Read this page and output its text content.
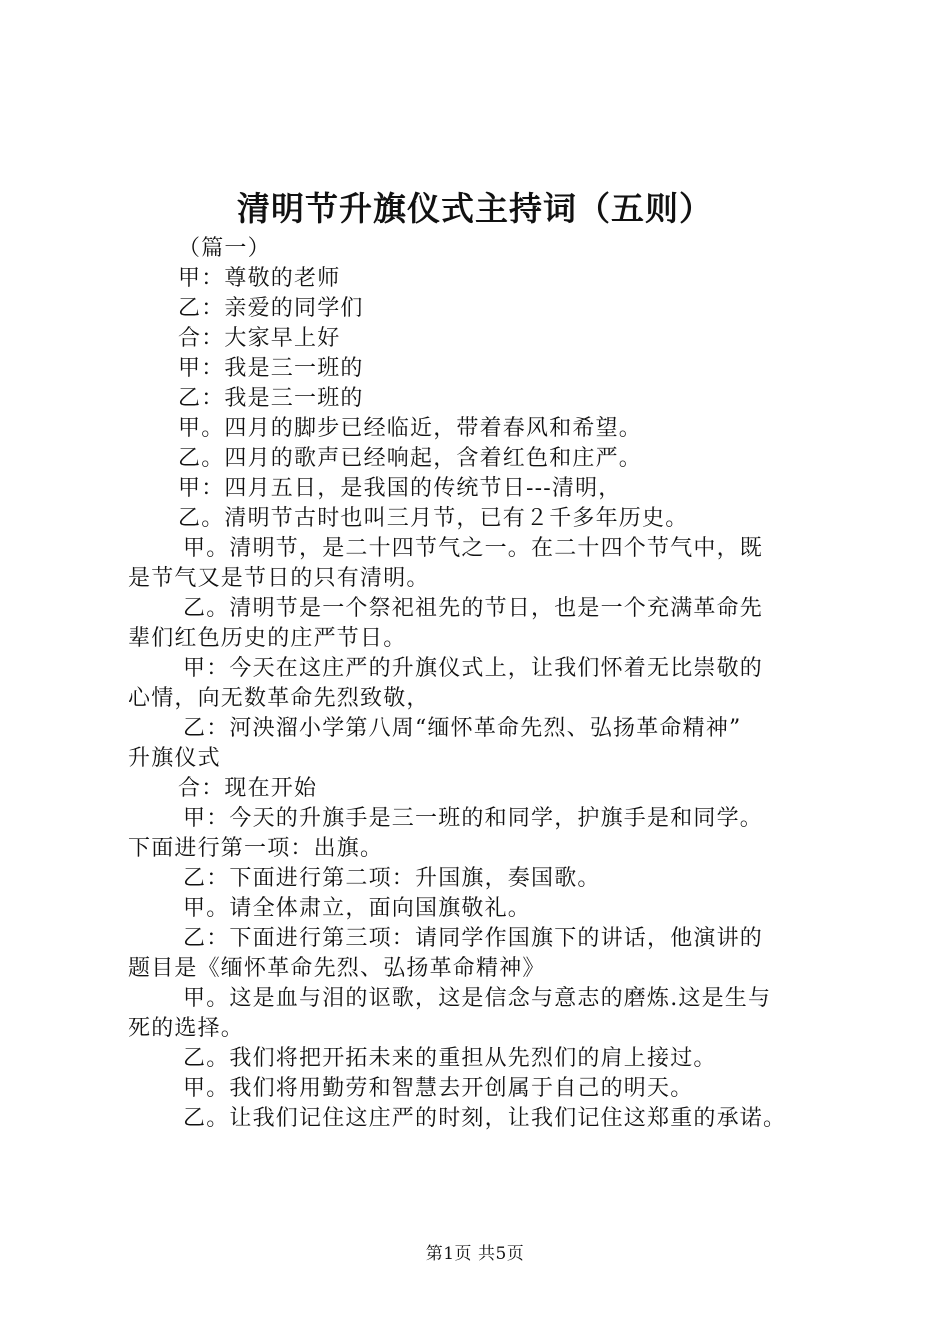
清明节升旗仪式主持词（五则）
（篇一）
甲：尊敬的老师
乙：亲爱的同学们
合：大家早上好
甲：我是三一班的
乙：我是三一班的
甲。四月的脚步已经临近，带着春风和希望。
乙。四月的歌声已经响起，含着红色和庄严。
甲：四月五日，是我国的传统节日---清明，
乙。清明节古时也叫三月节，已有２千多年历史。
甲。清明节，是二十四节气之一。在二十四个节气中，既
是节气又是节日的只有清明。
乙。清明节是一个祭祀祖先的节日，也是一个充满革命先
辈们红色历史的庄严节日。
甲：今天在这庄严的升旗仪式上，让我们怀着无比崇敬的
心情，向无数革命先烈致敬，
乙：河泱溜小学第八周“缅怀革命先烈、弘扬革命精神”
升旗仪式
合：现在开始
甲：今天的升旗手是三一班的和同学，护旗手是和同学。
下面进行第一项：出旗。
乙：下面进行第二项：升国旗，奏国歌。
甲。请全体肃立，面向国旗敬礼。
乙：下面进行第三项：请同学作国旗下的讲话，他演讲的
题目是《缅怀革命先烈、弘扬革命精神》
甲。这是血与泪的讴歌，这是信念与意志的磨炼.这是生与
死的选择。
乙。我们将把开拓未来的重担从先烈们的肩上接过。
甲。我们将用勤劳和智慧去开创属于自己的明天。
乙。让我们记住这庄严的时刻，让我们记住这郑重的承诺。
第1页 共5页
